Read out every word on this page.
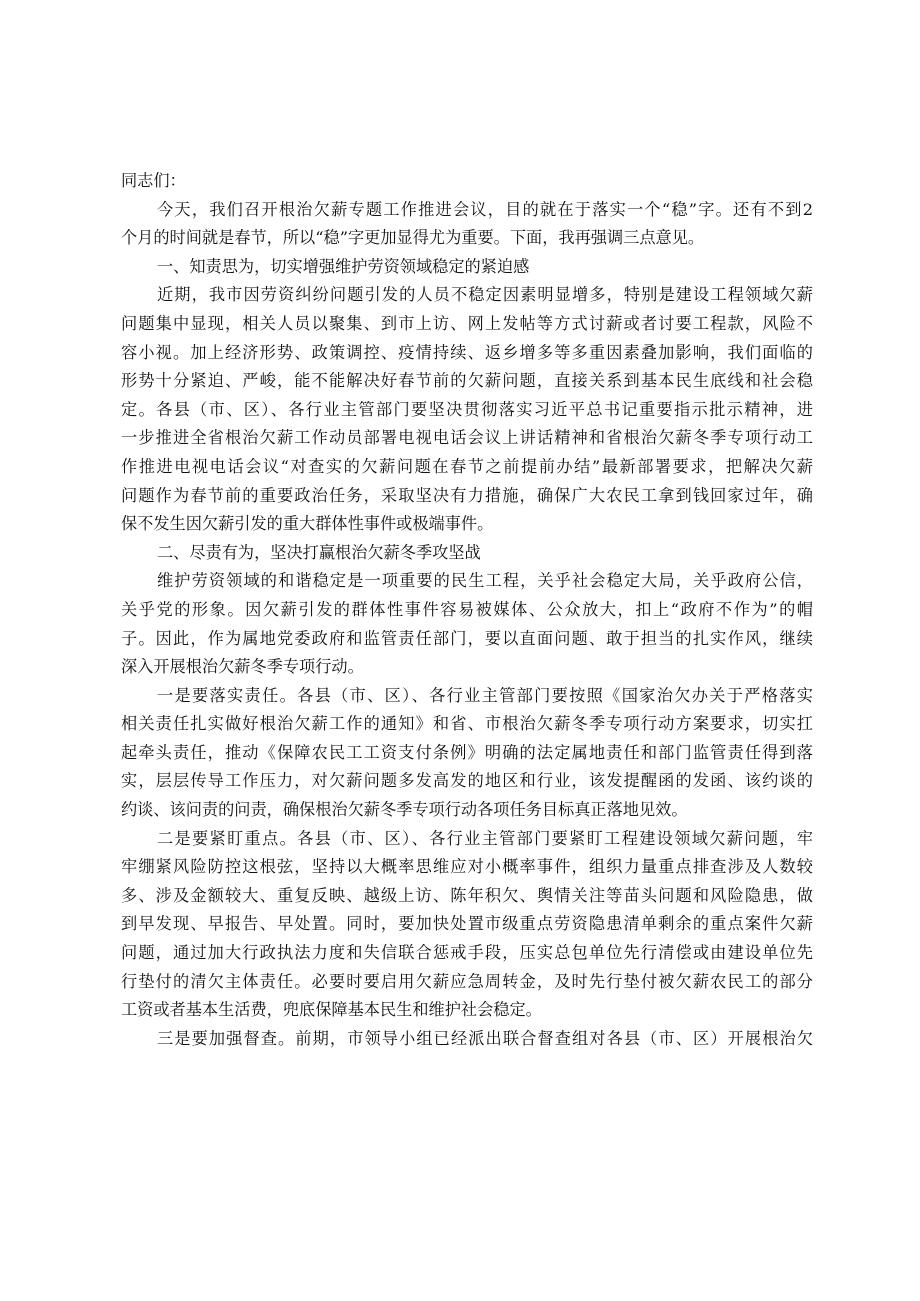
同志们：
今天，我们召开根治欠薪专题工作推进会议，目的就在于落实一个“稳”字。还有不到2
个月的时间就是春节，所以“稳”字更加显得尤为重要。下面，我再强调三点意见。
一、知责思为，切实增强维护劳资领域稳定的紧迫感
近期，我市因劳资纠纷问题引发的人员不稳定因素明显增多，特别是建设工程领域欠薪
问题集中显现，相关人员以聚集、到市上访、网上发帖等方式讨薪或者讨要工程款，风险不
容小视。加上经济形势、政策调控、疫情持续、返乡增多等多重因素叠加影响，我们面临的
形势十分紧迫、严峻，能不能解决好春节前的欠薪问题，直接关系到基本民生底线和社会稳
定。各县（市、区）、各行业主管部门要坚决贯彻落实习近平总书记重要指示批示精神，进
一步推进全省根治欠薪工作动员部署电视电话会议上讲话精神和省根治欠薪冬季专项行动工
作推进电视电话会议“对查实的欠薪问题在春节之前提前办结”最新部署要求，把解决欠薪
问题作为春节前的重要政治任务，采取坚决有力措施，确保广大农民工拿到钱回家过年，确
保不发生因欠薪引发的重大群体性事件或极端事件。
二、尽责有为，坚决打赢根治欠薪冬季攻坚战
维护劳资领域的和谐稳定是一项重要的民生工程，关乎社会稳定大局，关乎政府公信，
关乎党的形象。因欠薪引发的群体性事件容易被媒体、公众放大，扣上“政府不作为”的帽
子。因此，作为属地党委政府和监管责任部门，要以直面问题、敢于担当的扎实作风，继续
深入开展根治欠薪冬季专项行动。
一是要落实责任。各县（市、区）、各行业主管部门要按照《国家治欠办关于严格落实
相关责任扎实做好根治欠薪工作的通知》和省、市根治欠薪冬季专项行动方案要求，切实扛
起牵头责任，推动《保障农民工工资支付条例》明确的法定属地责任和部门监管责任得到落
实，层层传导工作压力，对欠薪问题多发高发的地区和行业，该发提醒函的发函、该约谈的
约谈、该问责的问责，确保根治欠薪冬季专项行动各项任务目标真正落地见效。
二是要紧盯重点。各县（市、区）、各行业主管部门要紧盯工程建设领域欠薪问题，牢
牢绷紧风险防控这根弦，坚持以大概率思维应对小概率事件，组织力量重点排查涉及人数较
多、涉及金额较大、重复反映、越级上访、陈年积欠、舆情关注等苗头问题和风险隐患，做
到早发现、早报告、早处置。同时，要加快处置市级重点劳资隐患清单剩余的重点案件欠薪
问题，通过加大行政执法力度和失信联合惩戒手段，压实总包单位先行清偿或由建设单位先
行垫付的清欠主体责任。必要时要启用欠薪应急周转金，及时先行垫付被欠薪农民工的部分
工资或者基本生活费，兜底保障基本民生和维护社会稳定。
三是要加强督查。前期，市领导小组已经派出联合督查组对各县（市、区）开展根治欠
